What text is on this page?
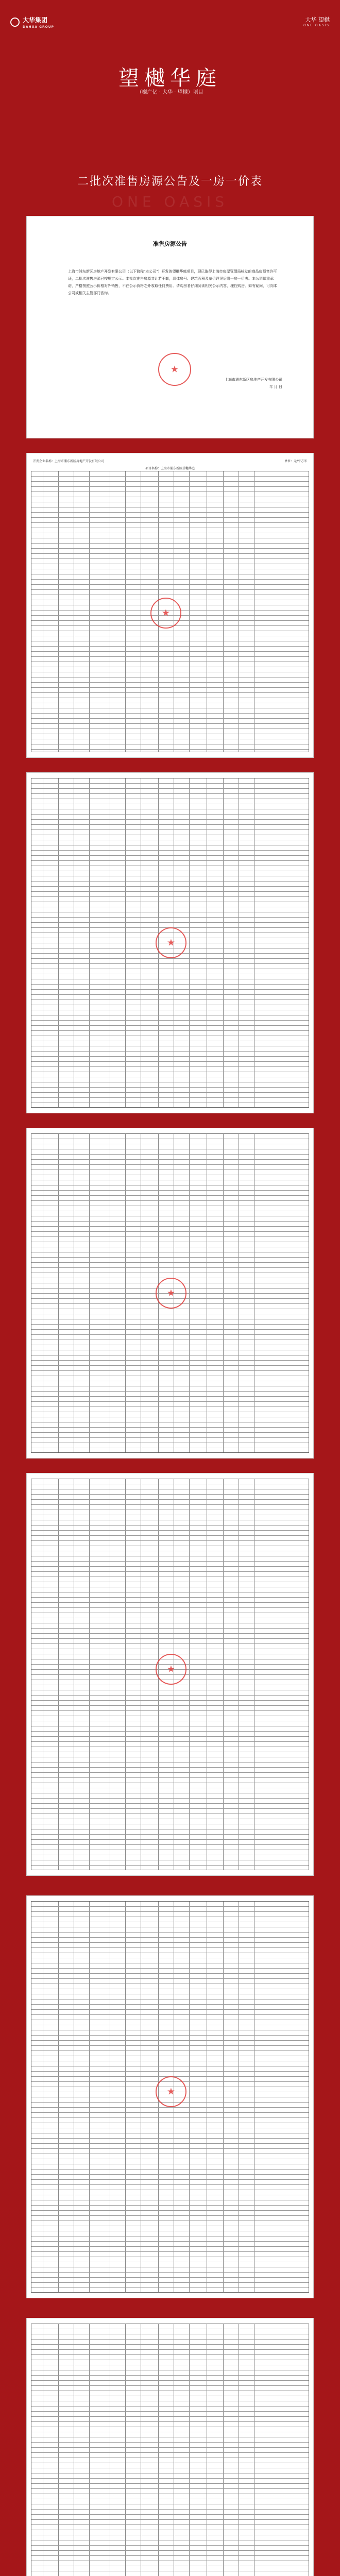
大华集团
DAHUA GROUP
大华 望樾
ONE OASIS
望樾华庭
（樾广亿 · 大华 · 望樾）项目
二批次准售房源公告及一房一价表
ONE OASIS
准售房源公告
上海市浦东新区房地产开发有限公司（以下简称"本公司"）开发的望樾华庭项目，现已取得上海市房屋管理局核发的商品房预售许可证，二批次准售房源已按规定公示。本批次准售房源共计若干套，具体房号、建筑面积及单价详见后附一房一价表。本公司郑重承诺，严格按照公示价格对外销售，不在公示价格之外收取任何费用。请购房者仔细阅读相关公示内容，理性购房。如有疑问，可向本公司或相关主管部门咨询。
上海市浦东新区房地产开发有限公司
年 月 日
★
开发企业名称：上海市浦东新区房地产开发有限公司	单位：元/平方米
项目名称：上海市浦东新区望樾华庭
★
★
★
★
★
